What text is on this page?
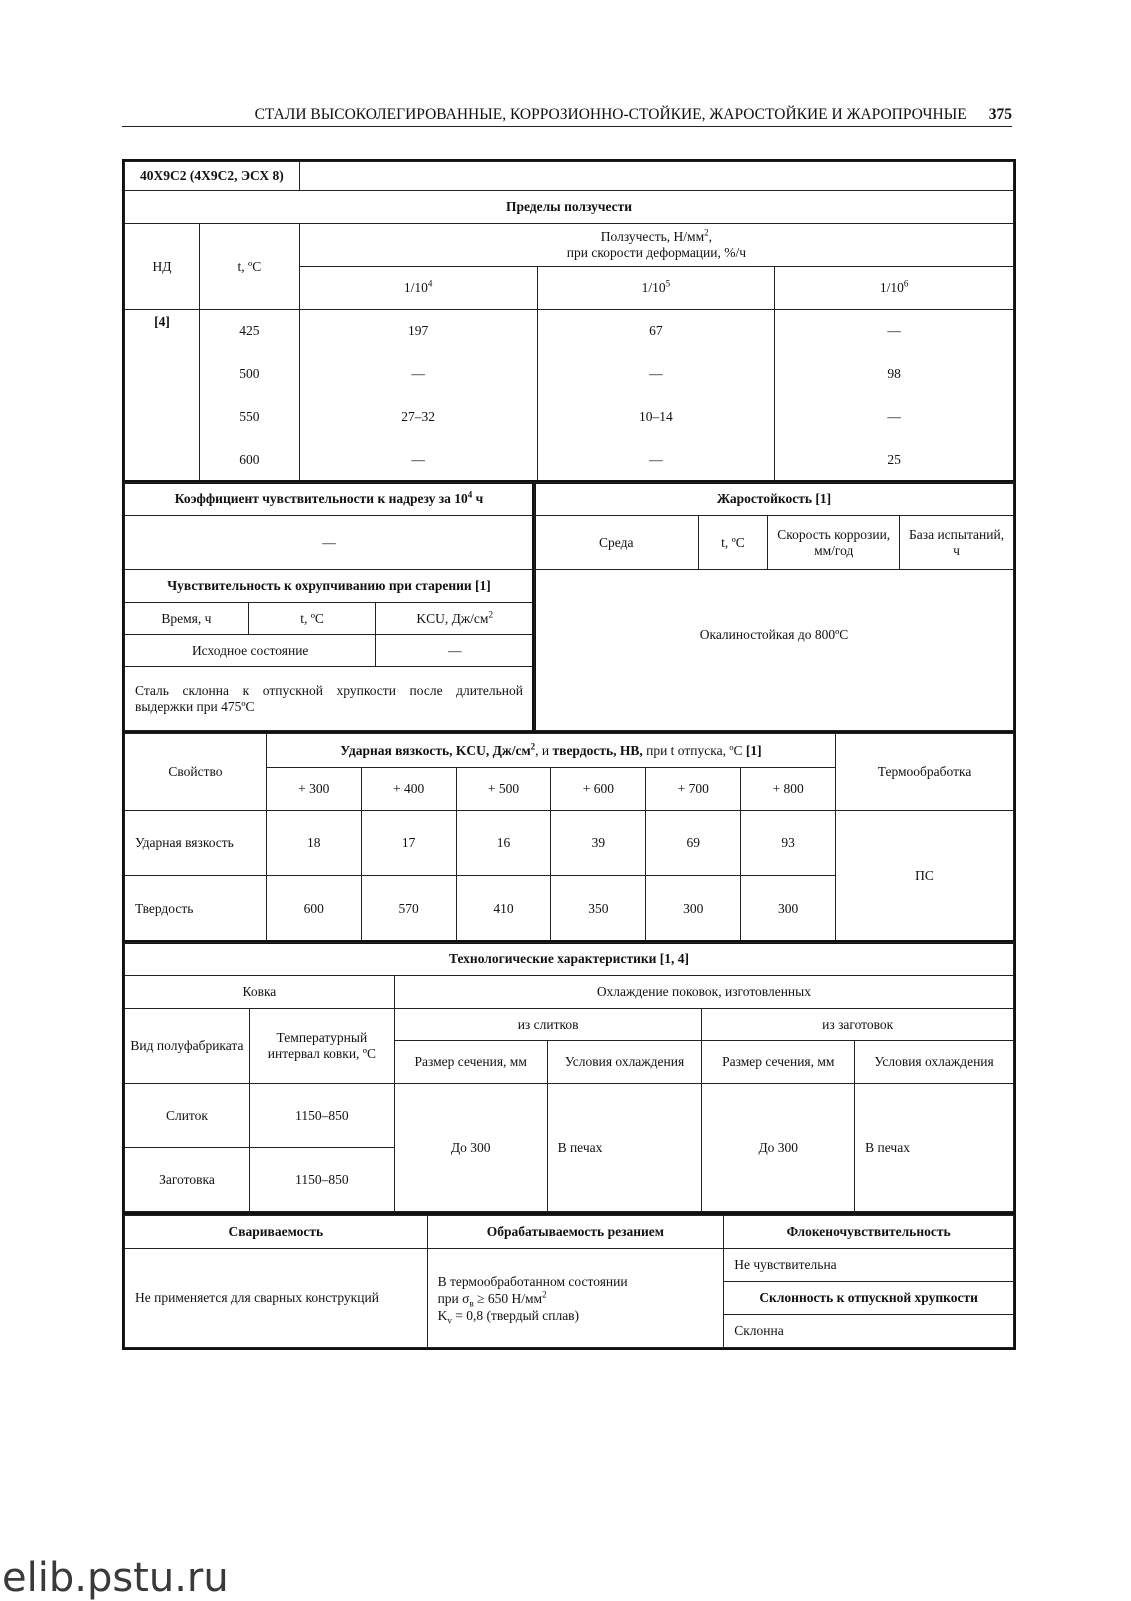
СТАЛИ ВЫСОКОЛЕГИРОВАННЫЕ, КОРРОЗИОННО-СТОЙКИЕ, ЖАРОСТОЙКИЕ И ЖАРОПРОЧНЫЕ 375
40Х9С2 (4Х9С2, ЭСХ 8)				
Пределы ползучести				
НД	t, ºС	Ползучесть, $Н/мм^2$,
при скорости деформации, %/ч		
		$1/10^4$	$1/10^5$	$1/10^6$
[4]	425	197	67	—
	500	—	—	98
	550	27–32	10–14	—
	600	—	—	25
Коэффициент чувствительности к надрезу за $10^4$ ч		
—		
Чувствительность к охрупчиванию при старении [1]		
Время, ч	t, ºС	KCU, $Дж/см^2$
Исходное состояние		—
Сталь склонна к отпускной хрупкости после длительной выдержки при 475ºС		
Жаростойкость [1]
Среда	t, ºС	Скорость коррозии, мм/год	База испытаний, ч
Окалиностойкая до 800ºС
Свойство	Ударная вязкость, KCU, $Дж/см^2$, и твердость, НВ, при t отпуска, ºС [1]						Термообработка
	+ 300	+ 400	+ 500	+ 600	+ 700	+ 800	
Ударная вязкость	18	17	16	39	69	93	ПС
Твердость	600	570	410	350	300	300	
Технологические характеристики [1, 4]					
Ковка		Охлаждение поковок, изготовленных			
Вид полуфабриката	Температурный интервал ковки, ºС	из слитков		из заготовок	
		Размер сечения, мм	Условия охлаждения	Размер сечения, мм	Условия охлаждения
Слиток	1150–850	До 300	В печах	До 300	В печах
Заготовка	1150–850				
Свариваемость	Обрабатываемость резанием	Флокеночувствительность
Не применяется для сварных конструкций	В термообработанном состоянии
при $\sigma_в \ge 650$ $Н/мм^2$
$K_v = 0,8$ (твердый сплав)	Не чувствительна
		Склонность к отпускной хрупкости
		Склонна
elib.pstu.ru
